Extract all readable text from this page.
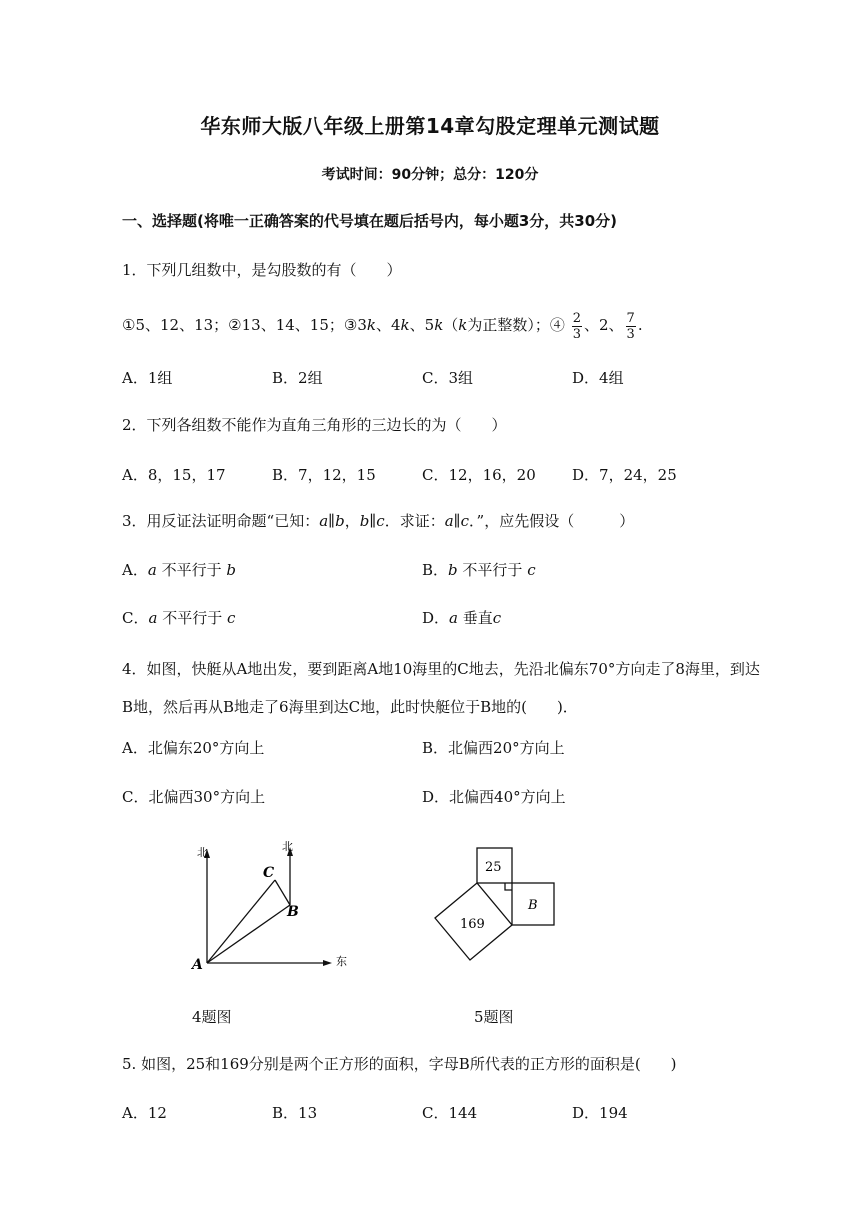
华东师大版八年级上册第14章勾股定理单元测试题
考试时间：90分钟；总分：120分
一、选择题(将唯一正确答案的代号填在题后括号内，每小题3分，共30分)
1．下列几组数中，是勾股数的有（　　）
①5、12、13；②13、14、15；③3k、4k、5k（k为正整数）；④ $\frac{2}{3}$ 、2、 $\frac{7}{3}$ .
A．1组	B．2组	C．3组	D．4组
2．下列各组数不能作为直角三角形的三边长的为（　　）
A．8，15，17	B．7，12，15	C．12，16，20 D．7，24，25
3．用反证法证明命题“已知：a∥b，b∥c．求证：a∥c．”，应先假设（　　　）
A．a 不平行于 b	B．b 不平行于 c
C．a 不平行于 c	D．a 垂直c
4．如图，快艇从A地出发，要到距离A地10海里的C地去，先沿北偏东70°方向走了8海里，到达B地，然后再从B地走了6海里到达C地，此时快艇位于B地的(　　)．
A．北偏东20°方向上	B．北偏西20°方向上
C．北偏西30°方向上	D．北偏西40°方向上
北	北
东
A
B
C
4题图
25
169
B
5题图
5. 如图，25和169分别是两个正方形的面积，字母B所代表的正方形的面积是(　　)
A．12	B．13	C．144	D．194
